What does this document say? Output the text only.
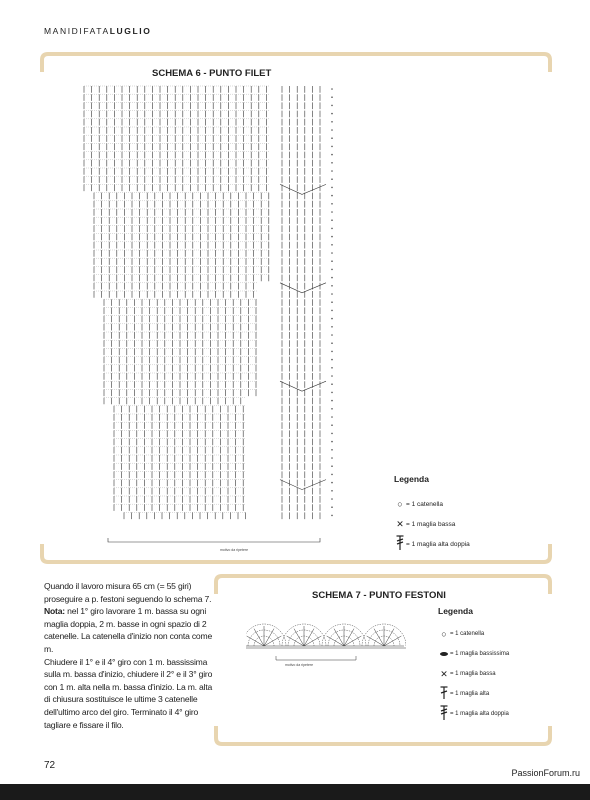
MANIDIFATALUGLIO
SCHEMA 6 - PUNTO FILET
motivo da ripetere
Legenda
○ = 1 catenella
✕ = 1 maglia bassa
= 1 maglia alta doppia
Quando il lavoro misura 65 cm (= 55 giri) proseguire a p. festoni seguendo lo schema 7.
Nota: nel 1° giro lavorare 1 m. bassa su ogni maglia doppia, 2 m. basse in ogni spazio di 2 catenelle. La catenella d'inizio non conta come m.
Chiudere il 1° e il 4° giro con 1 m. bassissima sulla m. bassa d'inizio, chiudere il 2° e il 3° giro con 1 m. alta nella m. bassa d'inizio. La m. alta di chiusura sostituisce le ultime 3 catenelle dell'ultimo arco del giro. Terminato il 4° giro tagliare e fissare il filo.
SCHEMA 7 - PUNTO FESTONI
motivo da ripetere
Legenda
○ = 1 catenella
= 1 maglia bassissima
✕ = 1 maglia bassa
= 1 maglia alta
= 1 maglia alta doppia
72
PassionForum.ru
